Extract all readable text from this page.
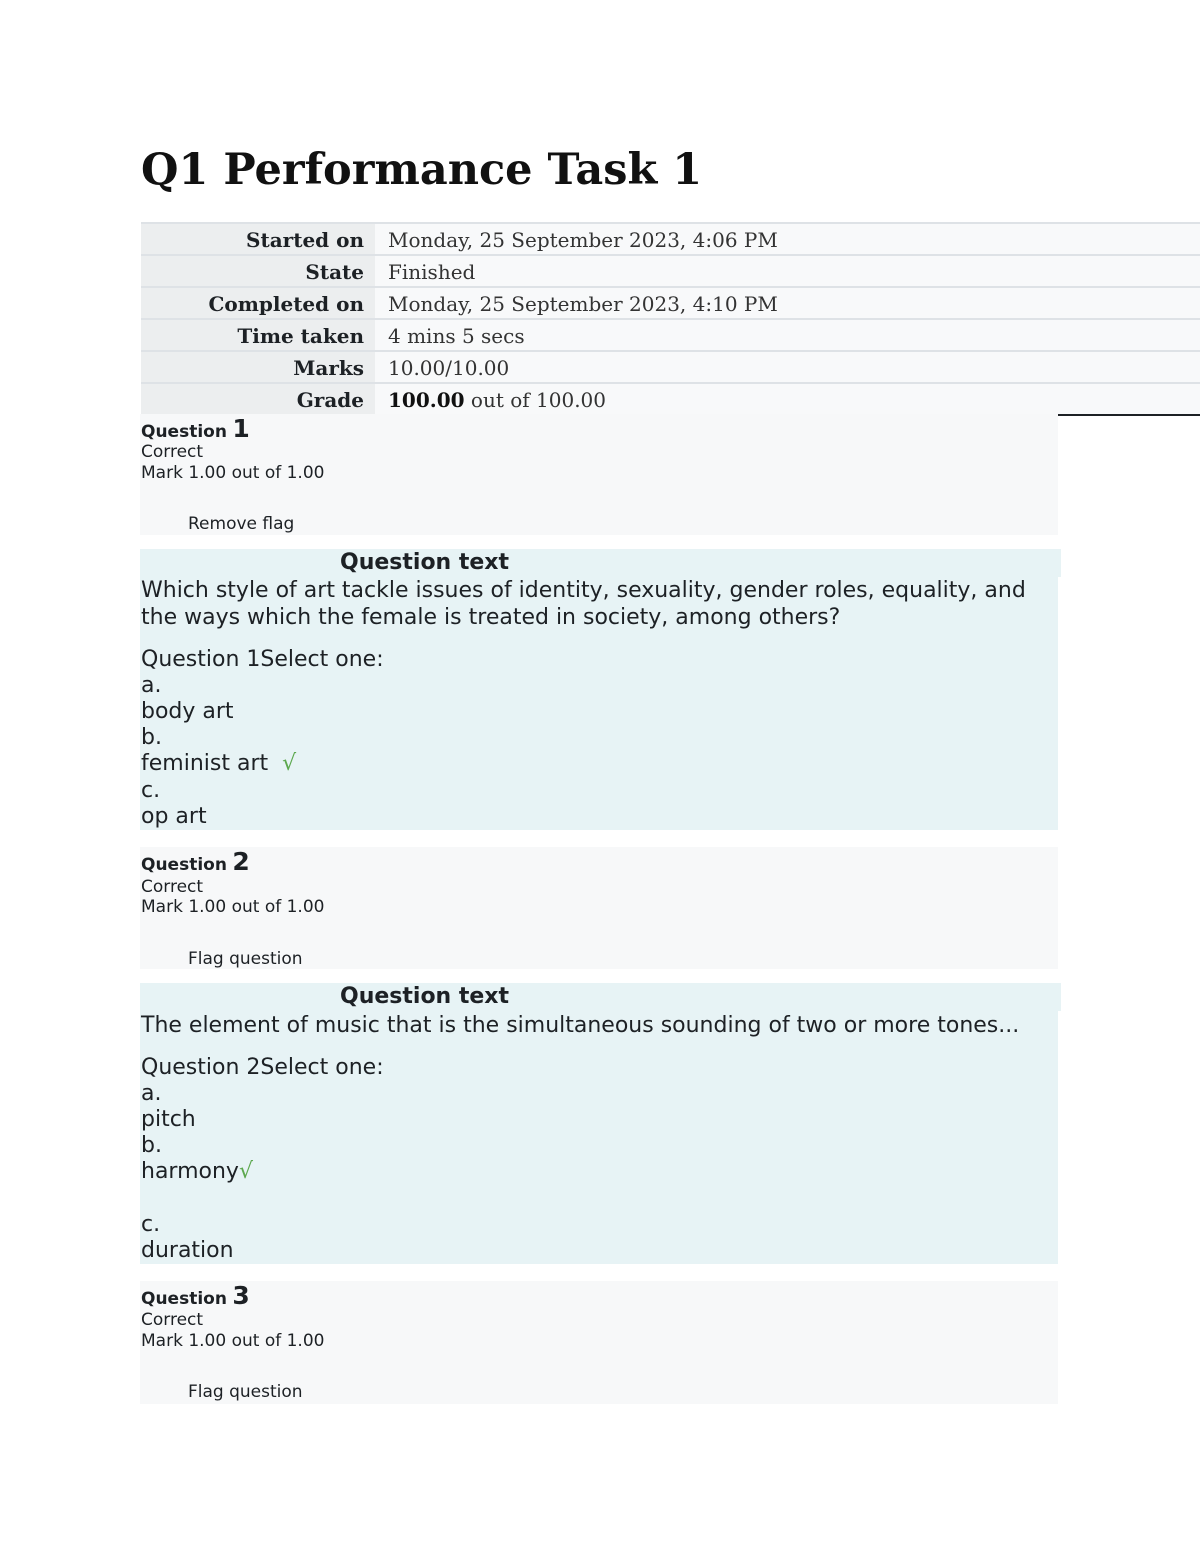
Q1 Performance Task 1
Started on	Monday, 25 September 2023, 4:06 PM
State	Finished
Completed on	Monday, 25 September 2023, 4:10 PM
Time taken	4 mins 5 secs
Marks	10.00/10.00
Grade	100.00 out of 100.00
Question 1
Correct
Mark 1.00 out of 1.00
Remove flag
Question text
Which style of art tackle issues of identity, sexuality, gender roles, equality, and
the ways which the female is treated in society, among others?
Question 1Select one:
a.
body art
b.
feminist art √
c.
op art
Question 2
Correct
Mark 1.00 out of 1.00
Flag question
Question text
The element of music that is the simultaneous sounding of two or more tones...
Question 2Select one:
a.
pitch
b.
harmony√
c.
duration
Question 3
Correct
Mark 1.00 out of 1.00
Flag question
